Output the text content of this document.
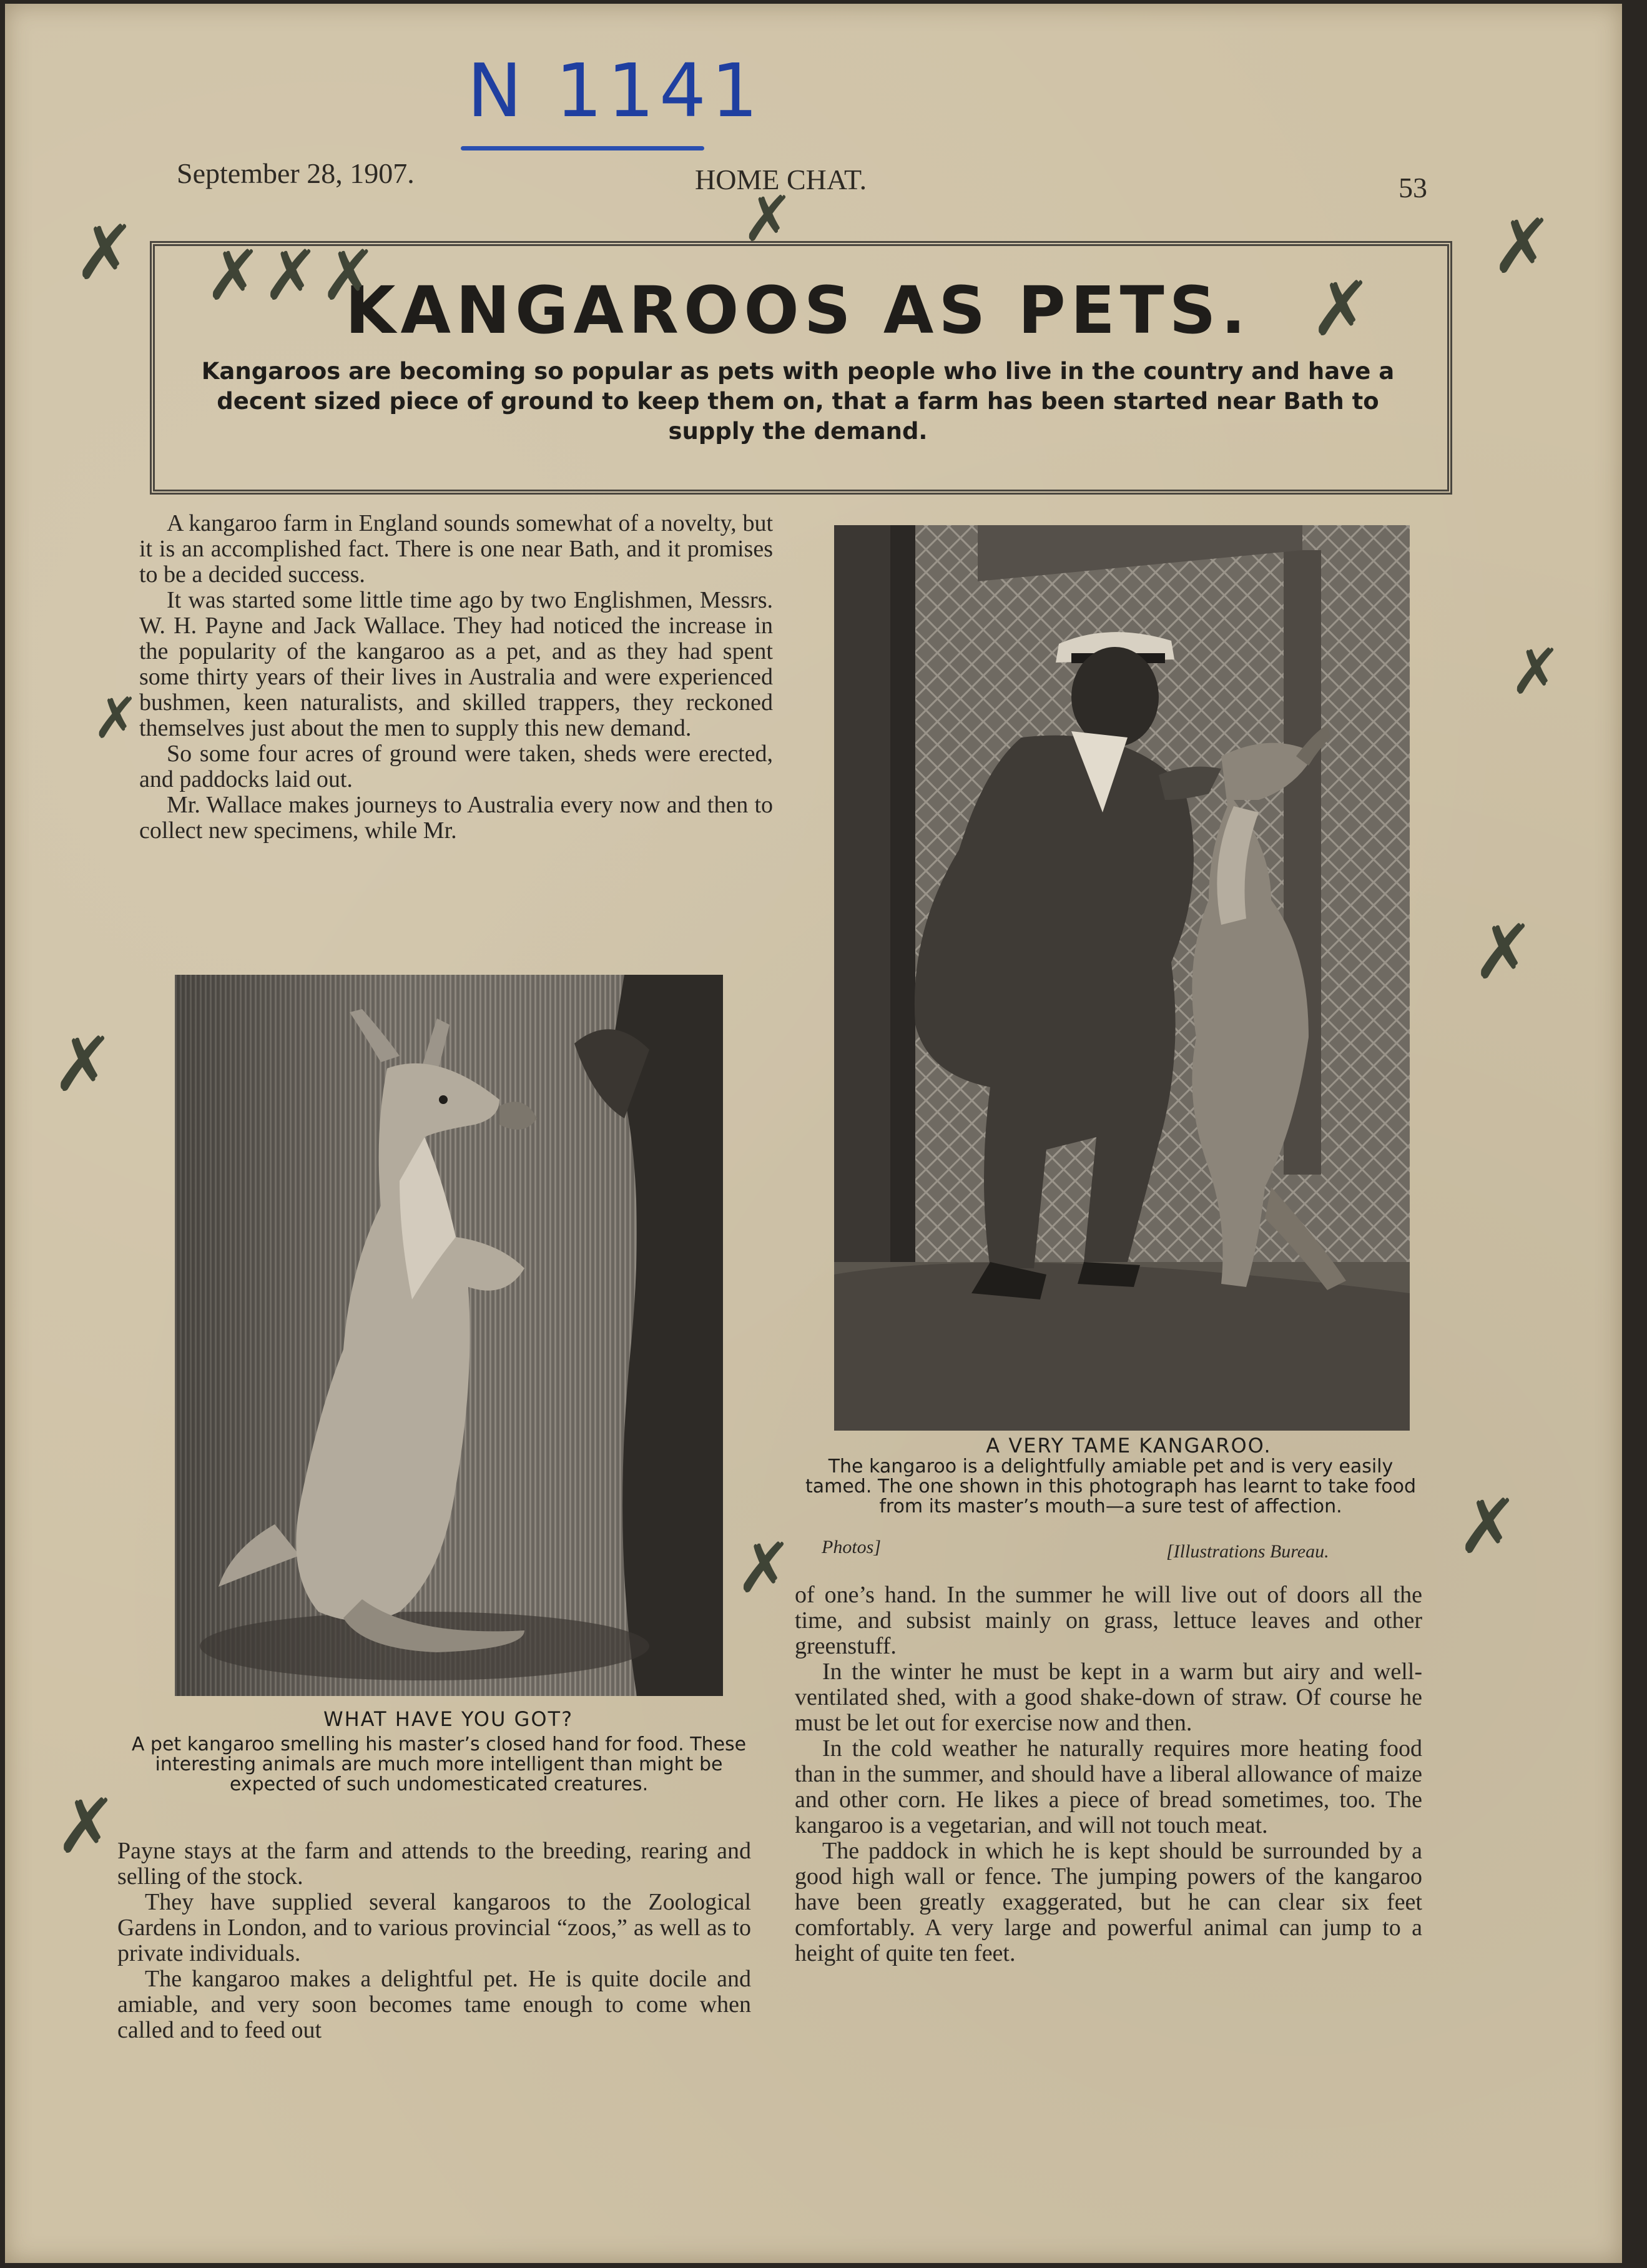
N 1141
September 28, 1907.	HOME CHAT.	53
KANGAROOS AS PETS.
Kangaroos are becoming so popular as pets with people who live in the country and have a decent sized piece of ground to keep them on, that a farm has been started near Bath to supply the demand.

A kangaroo farm in England sounds somewhat of a novelty, but it is an accomplished fact. There is one near Bath, and it promises to be a decided success.

It was started some little time ago by two Englishmen, Messrs. W. H. Payne and Jack Wallace. They had noticed the increase in the popularity of the kangaroo as a pet, and as they had spent some thirty years of their lives in Australia and were experienced bushmen, keen naturalists, and skilled trappers, they reckoned themselves just about the men to supply this new demand.

So some four acres of ground were taken, sheds were erected, and paddocks laid out.

Mr. Wallace makes journeys to Australia every now and then to collect new specimens, while Mr.

WHAT HAVE YOU GOT?
A pet kangaroo smelling his master’s closed hand for food. These interesting animals are much more intelligent than might be expected of such undomesticated creatures.

Payne stays at the farm and attends to the breeding, rearing and selling of the stock.

They have supplied several kangaroos to the Zoological Gardens in London, and to various provincial “zoos,” as well as to private individuals.

The kangaroo makes a delightful pet. He is quite docile and amiable, and very soon becomes tame enough to come when called and to feed out

A VERY TAME KANGAROO.
The kangaroo is a delightfully amiable pet and is very easily tamed. The one shown in this photograph has learnt to take food from its master’s mouth—a sure test of affection.
Photos]	[Illustrations Bureau.

of one’s hand. In the summer he will live out of doors all the time, and subsist mainly on grass, lettuce leaves and other greenstuff.

In the winter he must be kept in a warm but airy and well-ventilated shed, with a good shake-down of straw. Of course he must be let out for exercise now and then.

In the cold weather he naturally requires more heating food than in the summer, and should have a liberal allowance of maize and other corn. He likes a piece of bread sometimes, too. The kangaroo is a vegetarian, and will not touch meat.

The paddock in which he is kept should be surrounded by a good high wall or fence. The jumping powers of the kangaroo have been greatly exaggerated, but he can clear six feet comfortably. A very large and powerful animal can jump to a height of quite ten feet.

✗ ✗✗✗
✗
✗
✗
✗
✗
✗
✗
✗
✗
✗
